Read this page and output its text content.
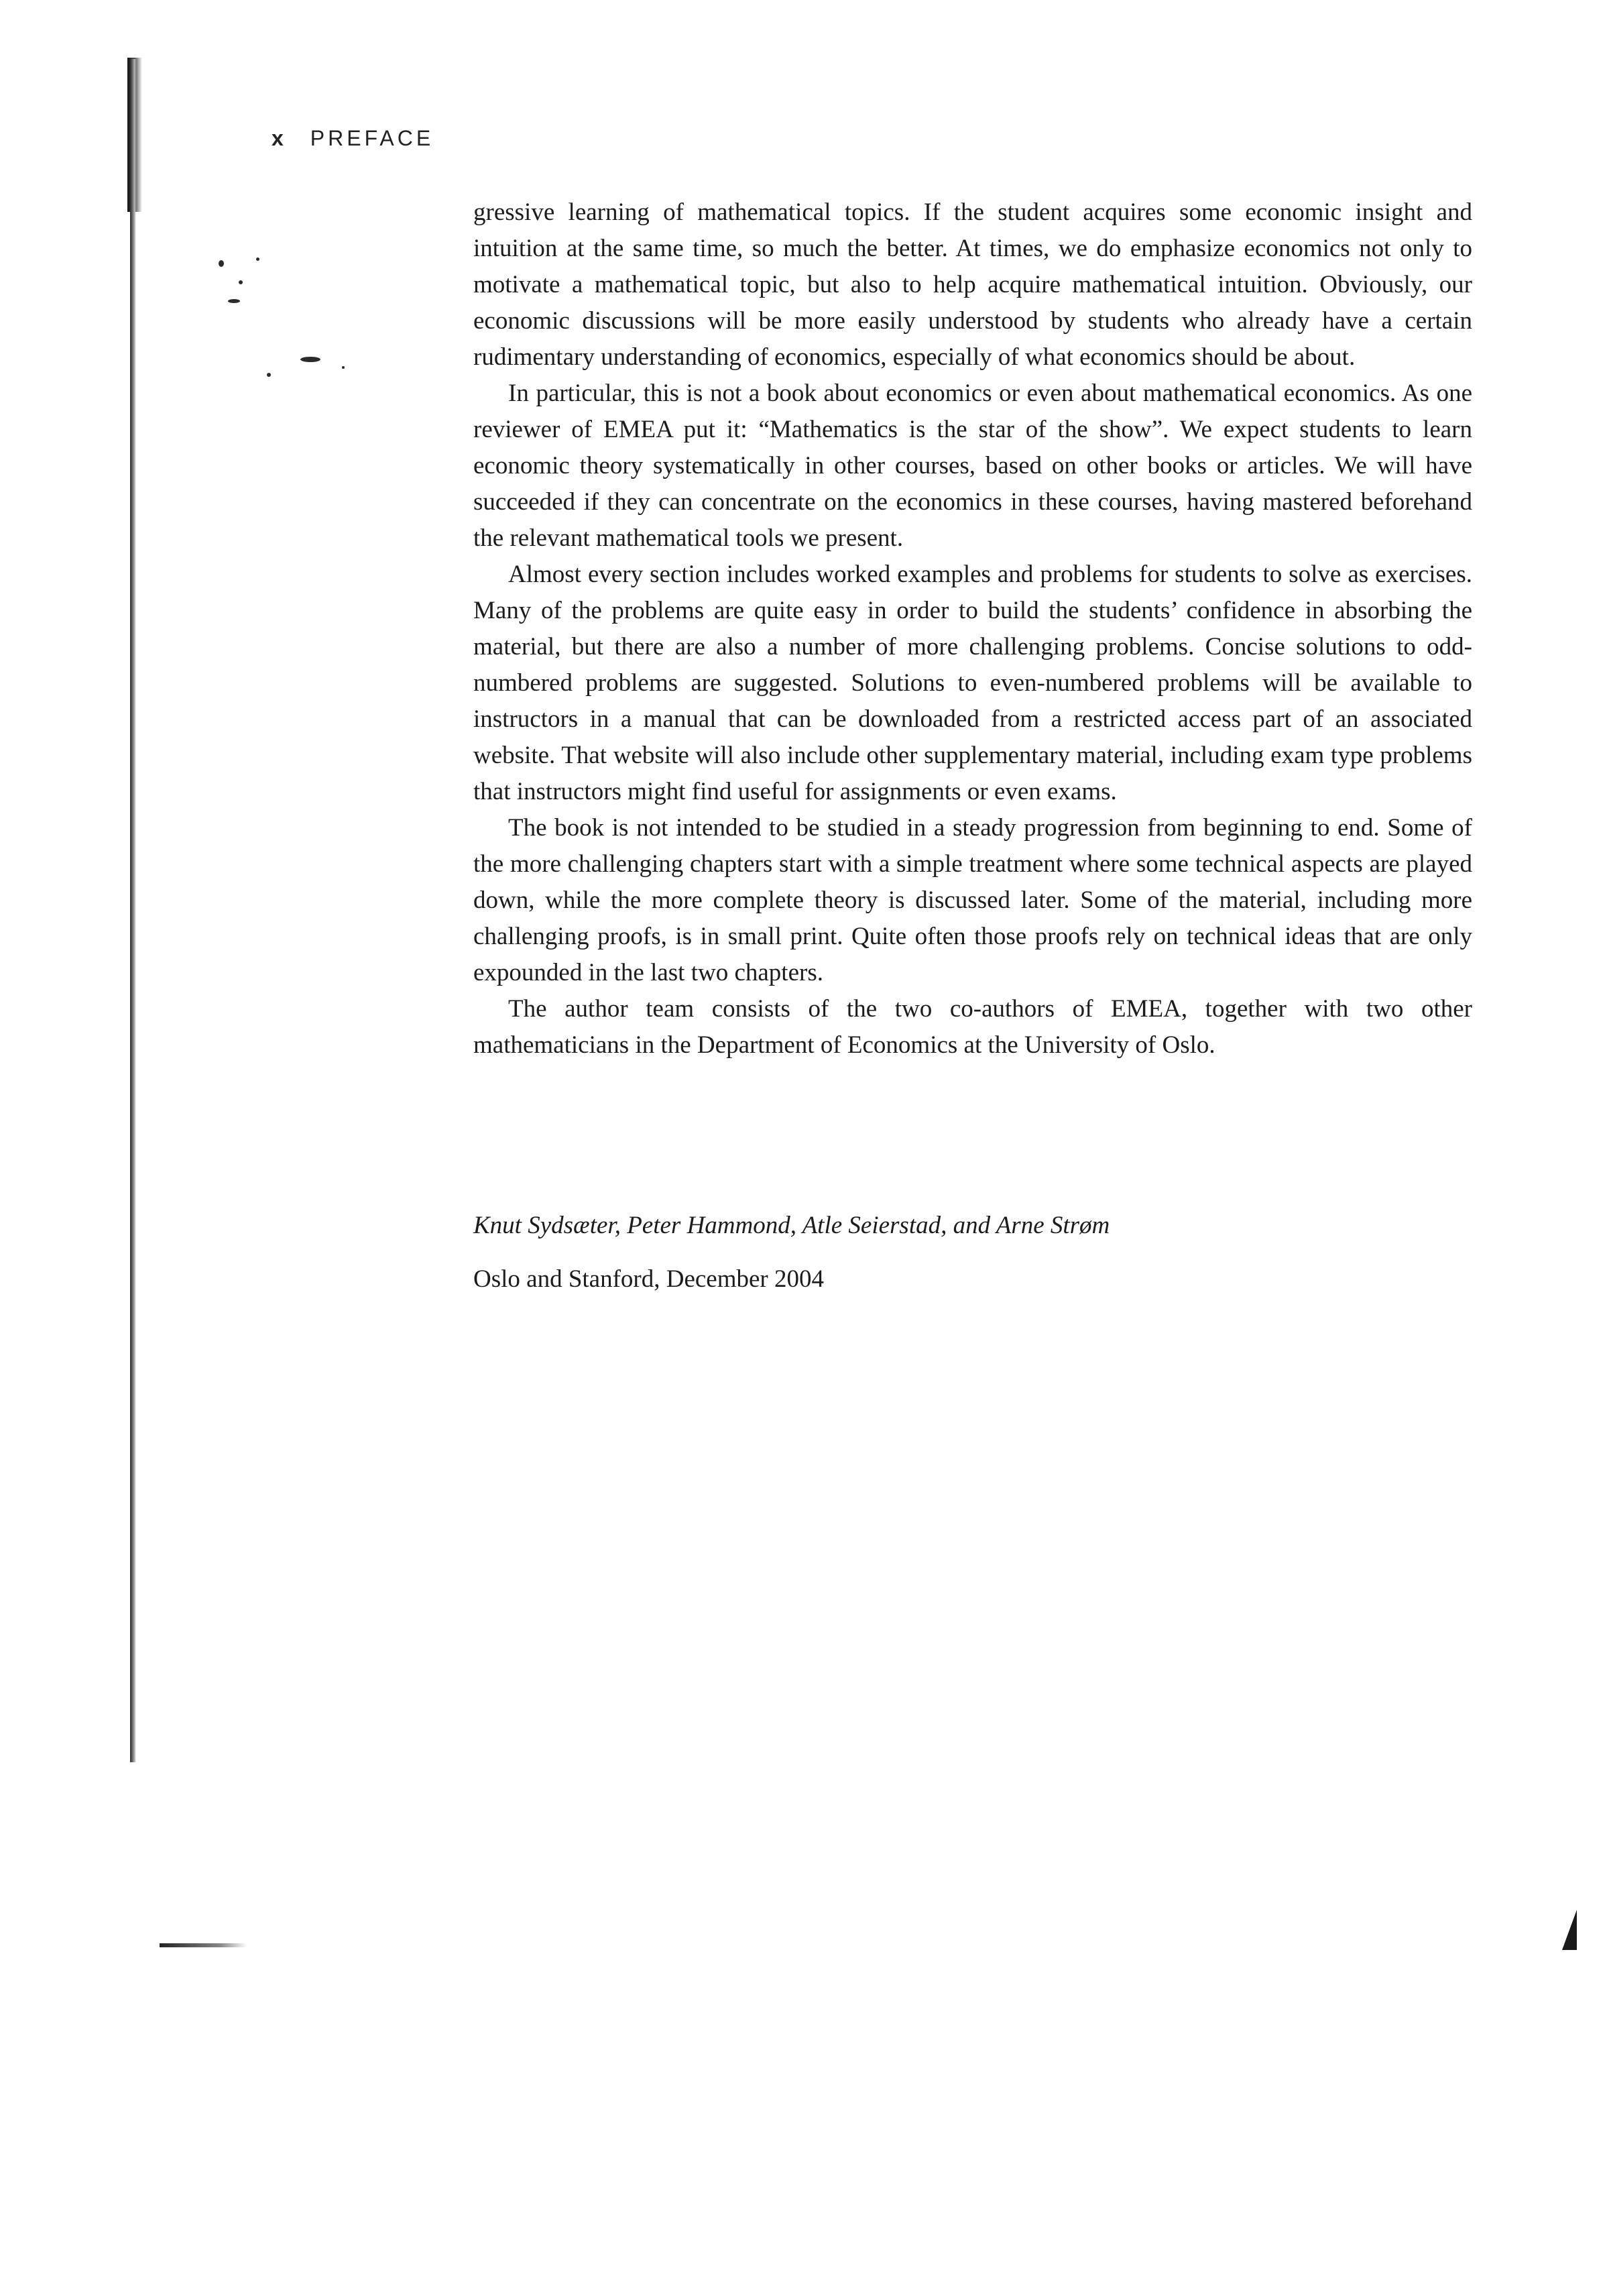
x PREFACE

gressive learning of mathematical topics. If the student acquires some economic insight and intuition at the same time, so much the better. At times, we do emphasize economics not only to motivate a mathematical topic, but also to help acquire mathematical intuition. Obviously, our economic discussions will be more easily understood by students who already have a certain rudimentary understanding of economics, especially of what economics should be about.

In particular, this is not a book about economics or even about mathematical economics. As one reviewer of EMEA put it: “Mathematics is the star of the show”. We expect students to learn economic theory systematically in other courses, based on other books or articles. We will have succeeded if they can concentrate on the economics in these courses, having mastered beforehand the relevant mathematical tools we present.

Almost every section includes worked examples and problems for students to solve as exercises. Many of the problems are quite easy in order to build the students’ confidence in absorbing the material, but there are also a number of more challenging problems. Concise solutions to odd-numbered problems are suggested. Solutions to even-numbered problems will be available to instructors in a manual that can be downloaded from a restricted access part of an associated website. That website will also include other supplementary material, including exam type problems that instructors might find useful for assignments or even exams.

The book is not intended to be studied in a steady progression from beginning to end. Some of the more challenging chapters start with a simple treatment where some technical aspects are played down, while the more complete theory is discussed later. Some of the material, including more challenging proofs, is in small print. Quite often those proofs rely on technical ideas that are only expounded in the last two chapters.

The author team consists of the two co-authors of EMEA, together with two other mathematicians in the Department of Economics at the University of Oslo.

Knut Sydsæter, Peter Hammond, Atle Seierstad, and Arne Strøm
Oslo and Stanford, December 2004
